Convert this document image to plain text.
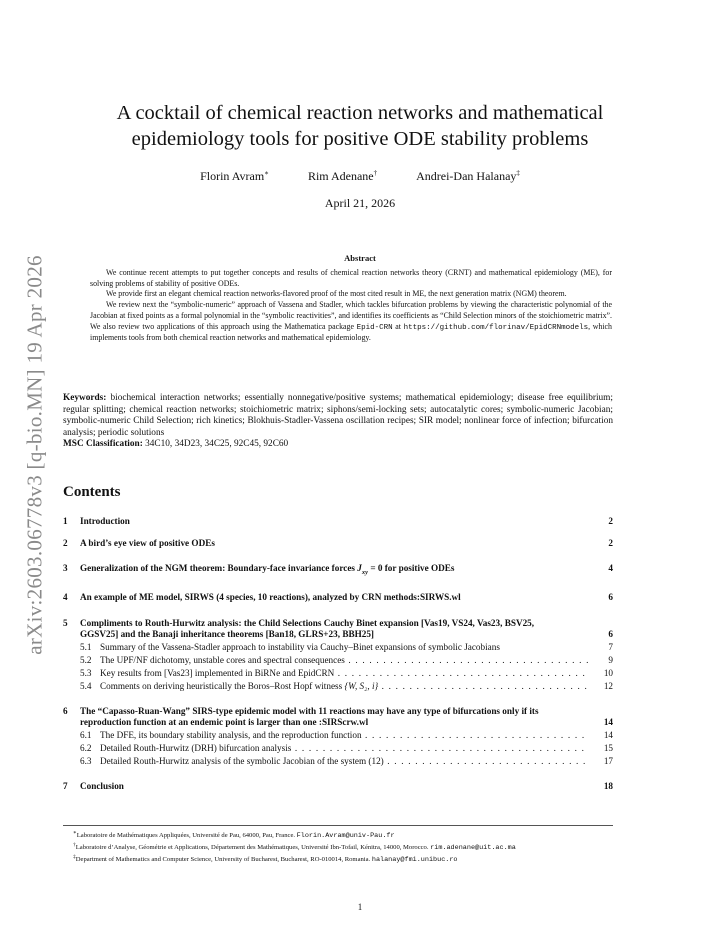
arXiv:2603.06778v3 [q-bio.MN] 19 Apr 2026
A cocktail of chemical reaction networks and mathematical
epidemiology tools for positive ODE stability problems
Florin Avram∗	Rim Adenane†	Andrei-Dan Halanay‡
April 21, 2026
Abstract

We continue recent attempts to put together concepts and results of chemical reaction networks theory (CRNT) and mathematical epidemiology (ME), for solving problems of stability of positive ODEs.

We provide first an elegant chemical reaction networks-flavored proof of the most cited result in ME, the next generation matrix (NGM) theorem.

We review next the “symbolic-numeric” approach of Vassena and Stadler, which tackles bifurcation problems by viewing the characteristic polynomial of the Jacobian at fixed points as a formal polynomial in the “symbolic reactivities”, and identifies its coefficients as “Child Selection minors of the stoichiometric matrix”. We also review two applications of this approach using the Mathematica package Epid-CRN at https://github.com/florinav/EpidCRNmodels, which implements tools from both chemical reaction networks and mathematical epidemiology.

Keywords: biochemical interaction networks; essentially nonnegative/positive systems; mathematical epidemiology; disease free equilibrium; regular splitting; chemical reaction networks; stoichiometric matrix; siphons/semi-locking sets; autocatalytic cores; symbolic-numeric Jacobian; symbolic-numeric Child Selection; rich kinetics; Blokhuis-Stadler-Vassena oscillation recipes; SIR model; nonlinear force of infection; bifurcation analysis; periodic solutions
MSC Classification: 34C10, 34D23, 34C25, 92C45, 92C60
Contents
1	Introduction	2
2	A bird’s eye view of positive ODEs	2
3	Generalization of the NGM theorem: Boundary-face invariance forces $J_{xy} = 0$ for positive ODEs	4
4	An example of ME model, SIRWS (4 species, 10 reactions), analyzed by CRN methods:SIRWS.wl	6
5	Compliments to Routh-Hurwitz analysis: the Child Selections Cauchy Binet expansion [Vas19, VS24, Vas23, BSV25, GGSV25] and the Banaji inheritance theorems [Ban18, GLRS+23, BBH25]	6
5.1 Summary of the Vassena-Stadler approach to instability via Cauchy–Binet expansions of symbolic Jacobians	7
5.2 The UPF/NF dichotomy, unstable cores and spectral consequences . . .	9
5.3 Key results from [Vas23] implemented in BiRNe and EpidCRN . . .	10
5.4 Comments on deriving heuristically the Boros–Rost Hopf witness {W, S₂, i} . . .	12
6	The “Capasso-Ruan-Wang” SIRS-type epidemic model with 11 reactions may have any type of bifurcations only if its reproduction function at an endemic point is larger than one :SIRScrw.wl	14
6.1 The DFE, its boundary stability analysis, and the reproduction function . . .	14
6.2 Detailed Routh-Hurwitz (DRH) bifurcation analysis . . .	15
6.3 Detailed Routh-Hurwitz analysis of the symbolic Jacobian of the system (12) . . .	17
7	Conclusion	18

∗Laboratoire de Mathématiques Appliquées, Université de Pau, 64000, Pau, France. Florin.Avram@univ-Pau.fr

†Laboratoire d’Analyse, Géométrie et Applications, Département des Mathématiques, Université Ibn-Tofail, Kénitra, 14000, Morocco. rim.adenane@uit.ac.ma

‡Department of Mathematics and Computer Science, University of Bucharest, Bucharest, RO-010014, Romania. halanay@fmi.unibuc.ro

1
